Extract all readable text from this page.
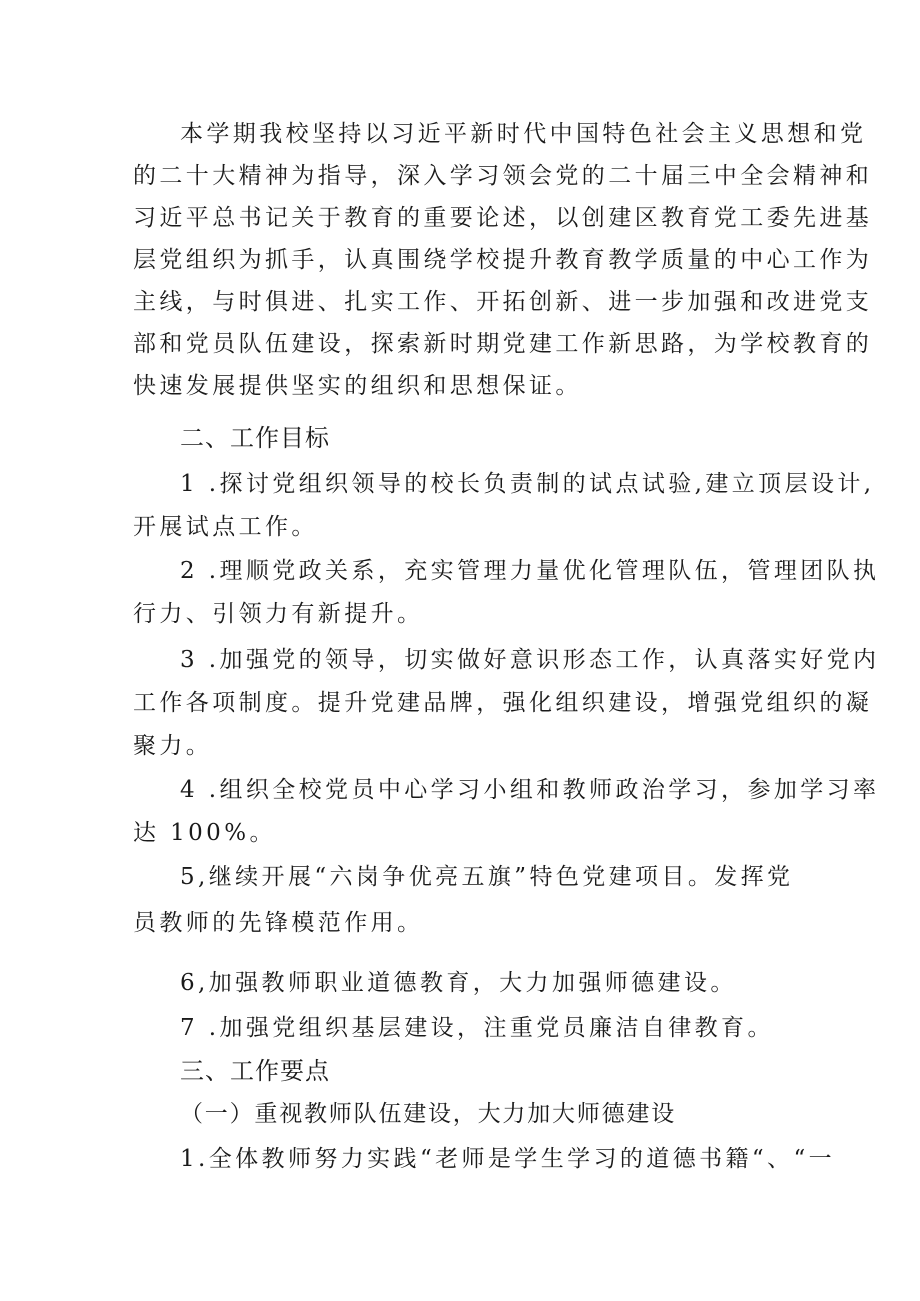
本学期我校坚持以习近平新时代中国特色社会主义思想和党
的二十大精神为指导，深入学习领会党的二十届三中全会精神和
习近平总书记关于教育的重要论述，以创建区教育党工委先进基
层党组织为抓手，认真围绕学校提升教育教学质量的中心工作为
主线，与时俱进、扎实工作、开拓创新、进一步加强和改进党支
部和党员队伍建设，探索新时期党建工作新思路，为学校教育的
快速发展提供坚实的组织和思想保证。
二、工作目标
1 .探讨党组织领导的校长负责制的试点试验,建立顶层设计,
开展试点工作。
2 .理顺党政关系，充实管理力量优化管理队伍，管理团队执
行力、引领力有新提升。
3 .加强党的领导，切实做好意识形态工作，认真落实好党内
工作各项制度。提升党建品牌，强化组织建设，增强党组织的凝
聚力。
4 .组织全校党员中心学习小组和教师政治学习，参加学习率
达 100%。
5,继续开展“六岗争优亮五旗”特色党建项目。发挥党
员教师的先锋模范作用。
6,加强教师职业道德教育，大力加强师德建设。
7 .加强党组织基层建设，注重党员廉洁自律教育。
三、工作要点
（一）重视教师队伍建设，大力加大师德建设
1.全体教师努力实践“老师是学生学习的道德书籍“、“一
